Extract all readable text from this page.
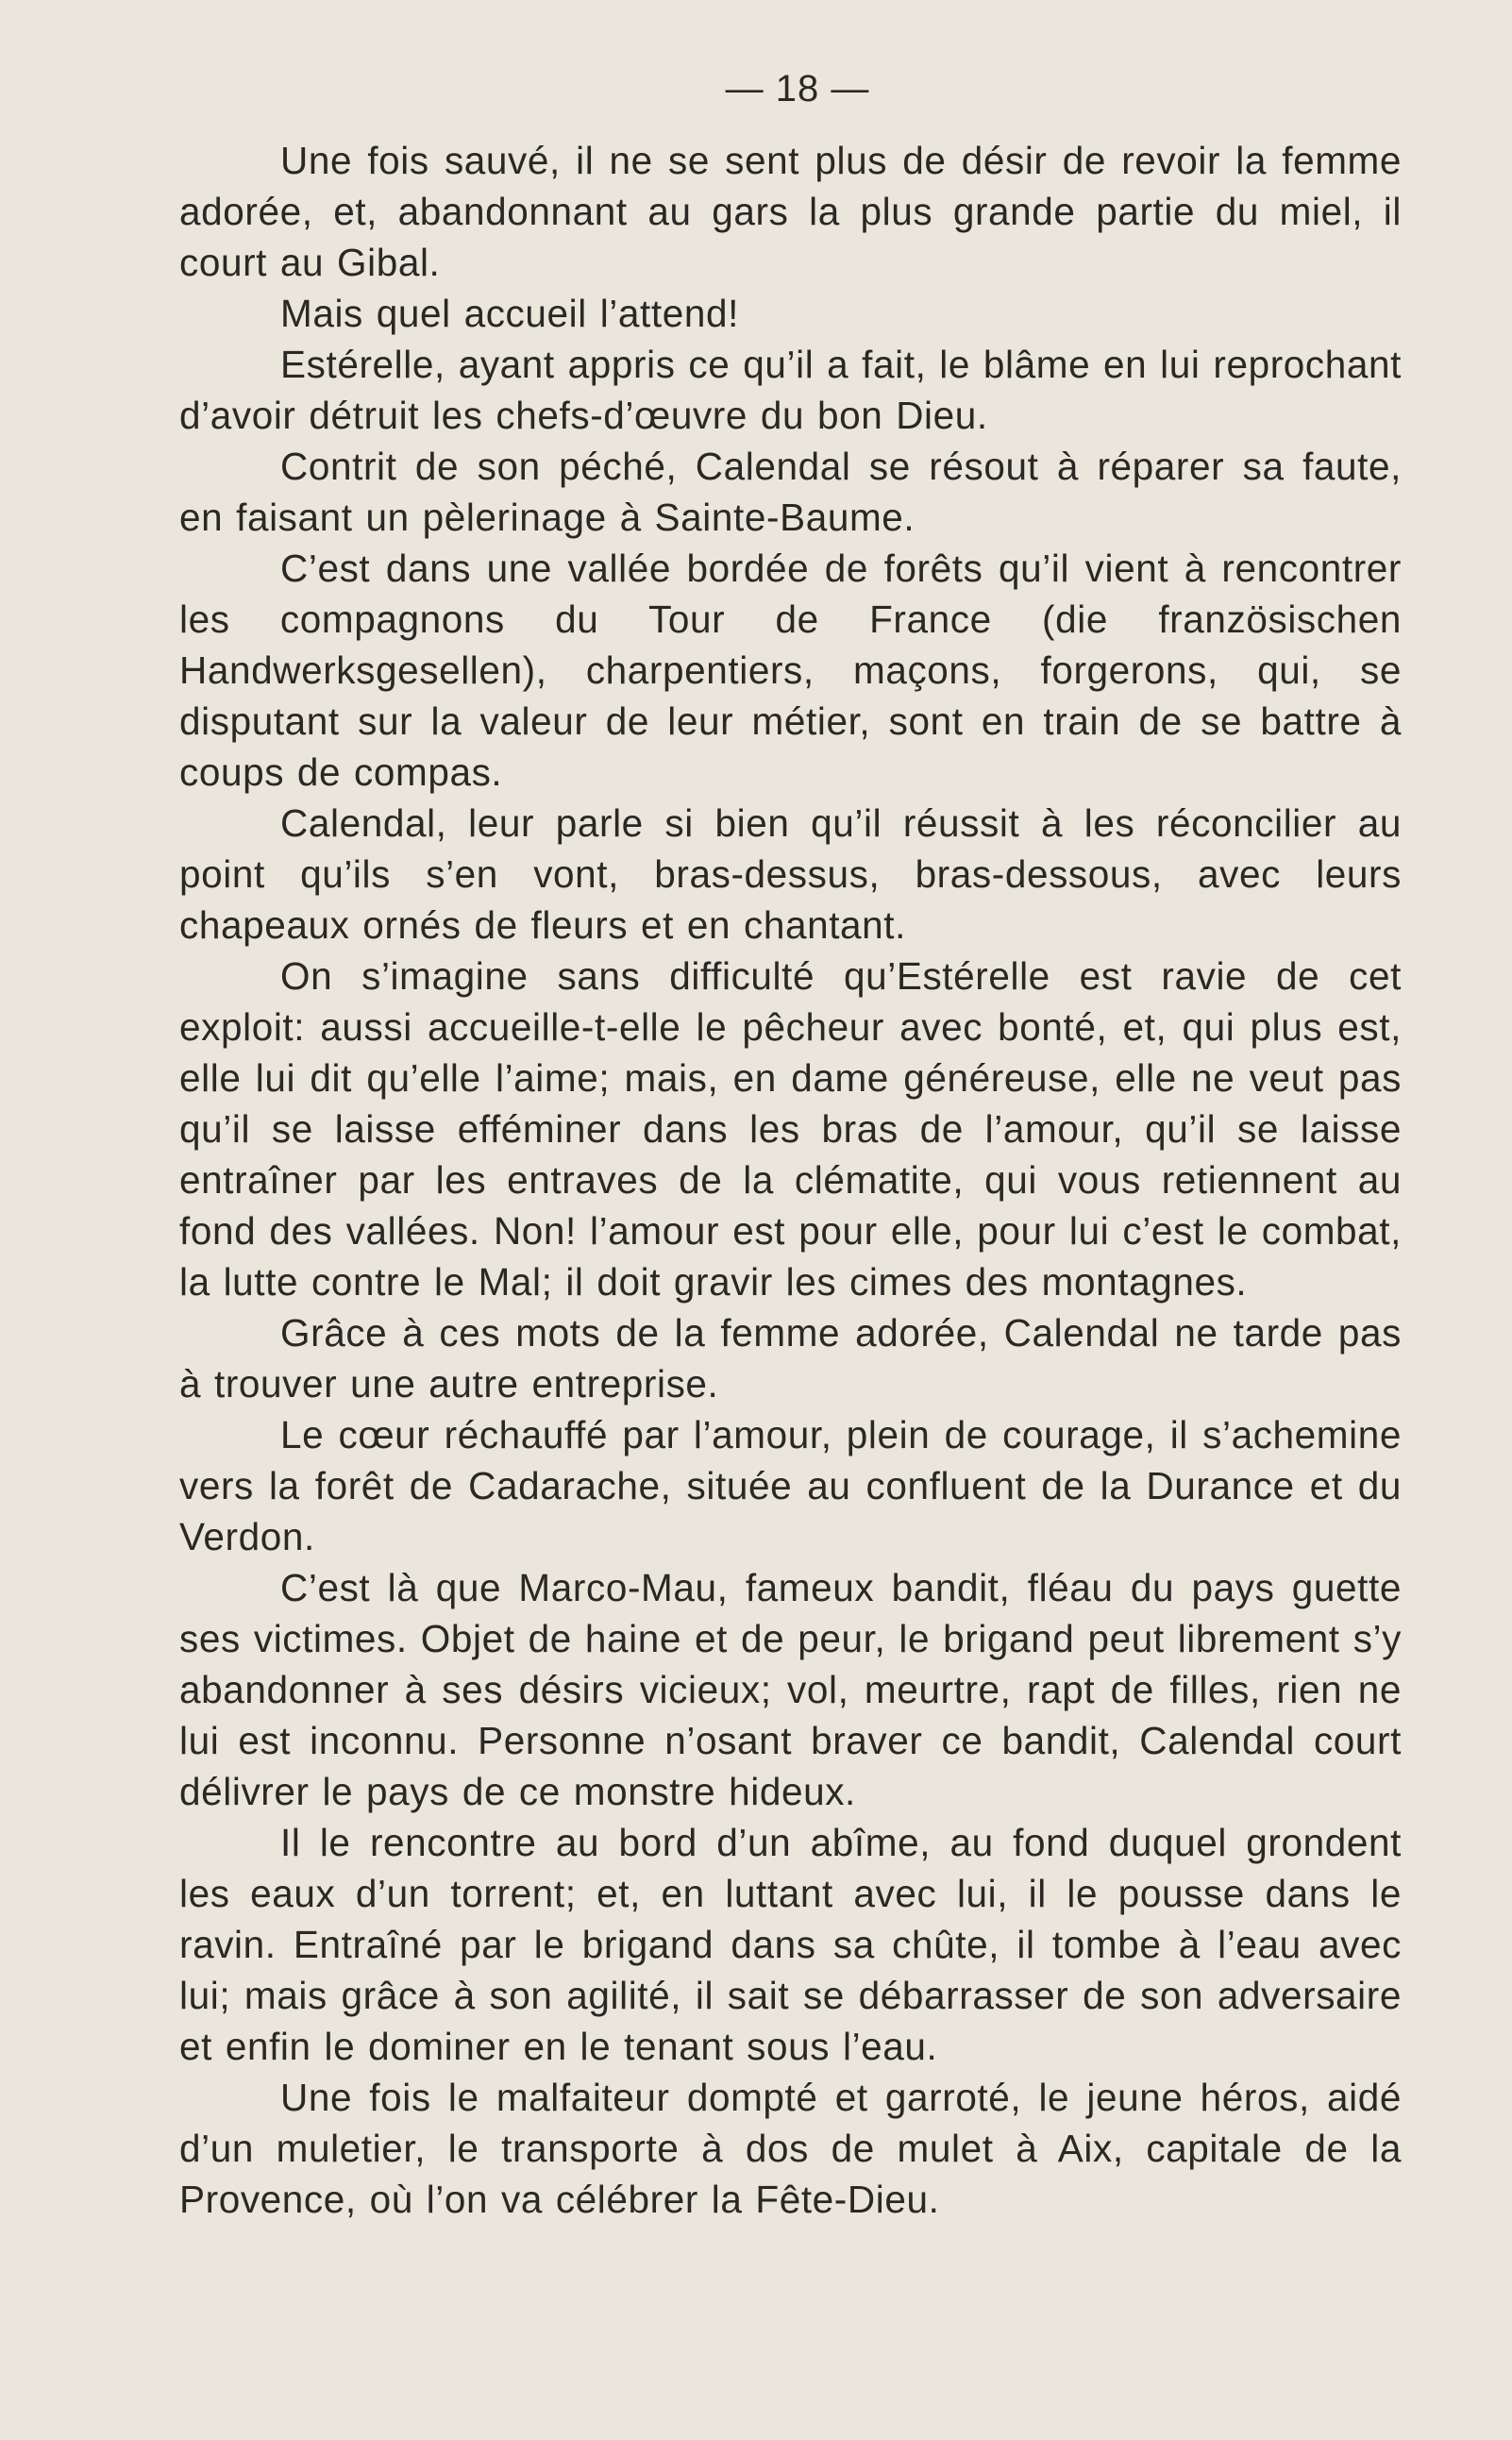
— 18 —

Une fois sauvé, il ne se sent plus de désir de revoir la femme adorée, et, abandonnant au gars la plus grande partie du miel, il court au Gibal.

Mais quel accueil l’attend!

Estérelle, ayant appris ce qu’il a fait, le blâme en lui reprochant d’avoir détruit les chefs-d’œuvre du bon Dieu.

Contrit de son péché, Calendal se résout à réparer sa faute, en faisant un pèlerinage à Sainte-Baume.

C’est dans une vallée bordée de forêts qu’il vient à rencontrer les compagnons du Tour de France (die französischen Handwerksgesellen), charpentiers, maçons, forgerons, qui, se disputant sur la valeur de leur métier, sont en train de se battre à coups de compas.

Calendal, leur parle si bien qu’il réussit à les réconcilier au point qu’ils s’en vont, bras-dessus, bras-dessous, avec leurs chapeaux ornés de fleurs et en chantant.

On s’imagine sans difficulté qu’Estérelle est ravie de cet exploit: aussi accueille-t-elle le pêcheur avec bonté, et, qui plus est, elle lui dit qu’elle l’aime; mais, en dame généreuse, elle ne veut pas qu’il se laisse efféminer dans les bras de l’amour, qu’il se laisse entraîner par les entraves de la clématite, qui vous retiennent au fond des vallées. Non! l’amour est pour elle, pour lui c’est le combat, la lutte contre le Mal; il doit gravir les cimes des montagnes.

Grâce à ces mots de la femme adorée, Calendal ne tarde pas à trouver une autre entreprise.

Le cœur réchauffé par l’amour, plein de courage, il s’achemine vers la forêt de Cadarache, située au confluent de la Durance et du Verdon.

C’est là que Marco-Mau, fameux bandit, fléau du pays guette ses victimes. Objet de haine et de peur, le brigand peut librement s’y abandonner à ses désirs vicieux; vol, meurtre, rapt de filles, rien ne lui est inconnu. Personne n’osant braver ce bandit, Calendal court délivrer le pays de ce monstre hideux.

Il le rencontre au bord d’un abîme, au fond duquel grondent les eaux d’un torrent; et, en luttant avec lui, il le pousse dans le ravin. Entraîné par le brigand dans sa chûte, il tombe à l’eau avec lui; mais grâce à son agilité, il sait se débarrasser de son adversaire et enfin le dominer en le tenant sous l’eau.

Une fois le malfaiteur dompté et garroté, le jeune héros, aidé d’un muletier, le transporte à dos de mulet à Aix, capitale de la Provence, où l’on va célébrer la Fête-Dieu.
